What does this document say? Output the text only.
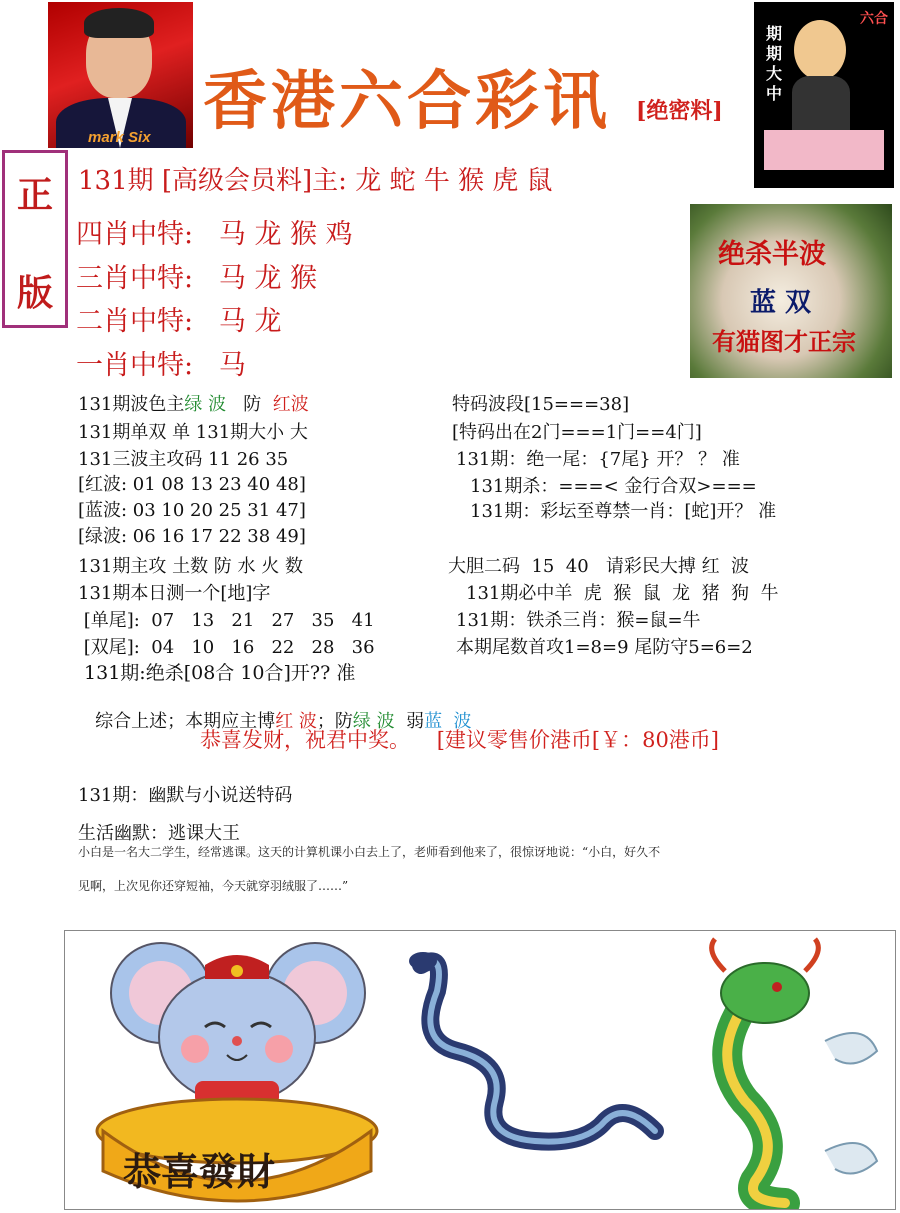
mark Six 香港六合彩讯 [绝密料]
期期大中
六合
正
版
131期 [高级会员料]主: 龙 蛇 牛 猴 虎 鼠
四肖中特: 马 龙 猴 鸡
三肖中特: 马 龙 猴
二肖中特: 马 龙
一肖中特: 马
绝杀半波
蓝 双
有猫图才正宗
131期波色主绿 波   防  红波
131期单双 单 131期大小 大
131三波主攻码 11 26 35
[红波: 01 08 13 23 40 48]
[蓝波: 03 10 20 25 31 47]
[绿波: 06 16 17 22 38 49]
131期主攻 土数 防 水 火 数
131期本日测一个[地]字
[单尾]:  07   13   21   27   35   41
[双尾]:  04   10   16   22   28   36
131期:绝杀[08合 10合]开?? 准

综合上述；本期应主博红 波；防绿 波  弱蓝  波

特码波段[15===38]
[特码出在2门===1门==4门]
131期：绝一尾：{7尾} 开？ ？ 准
131期杀：===< 金行合双>===
131期：彩坛至尊禁一肖：[蛇]开？ 准
大胆二码  15  40   请彩民大搏 红  波
131期必中羊  虎  猴  鼠  龙  猪  狗  牛
131期：铁杀三肖：猴=鼠=牛
本期尾数首攻1=8=9 尾防守5=6=2
恭喜发财，祝君中奖。    [建议零售价港币[￥：80港币]
131期：幽默与小说送特码
生活幽默：逃课大王
小白是一名大二学生，经常逃课。这天的计算机课小白去上了，老师看到他来了，很惊讶地说：“小白，好久不
见啊，上次见你还穿短袖，今天就穿羽绒服了……”
恭喜發財
